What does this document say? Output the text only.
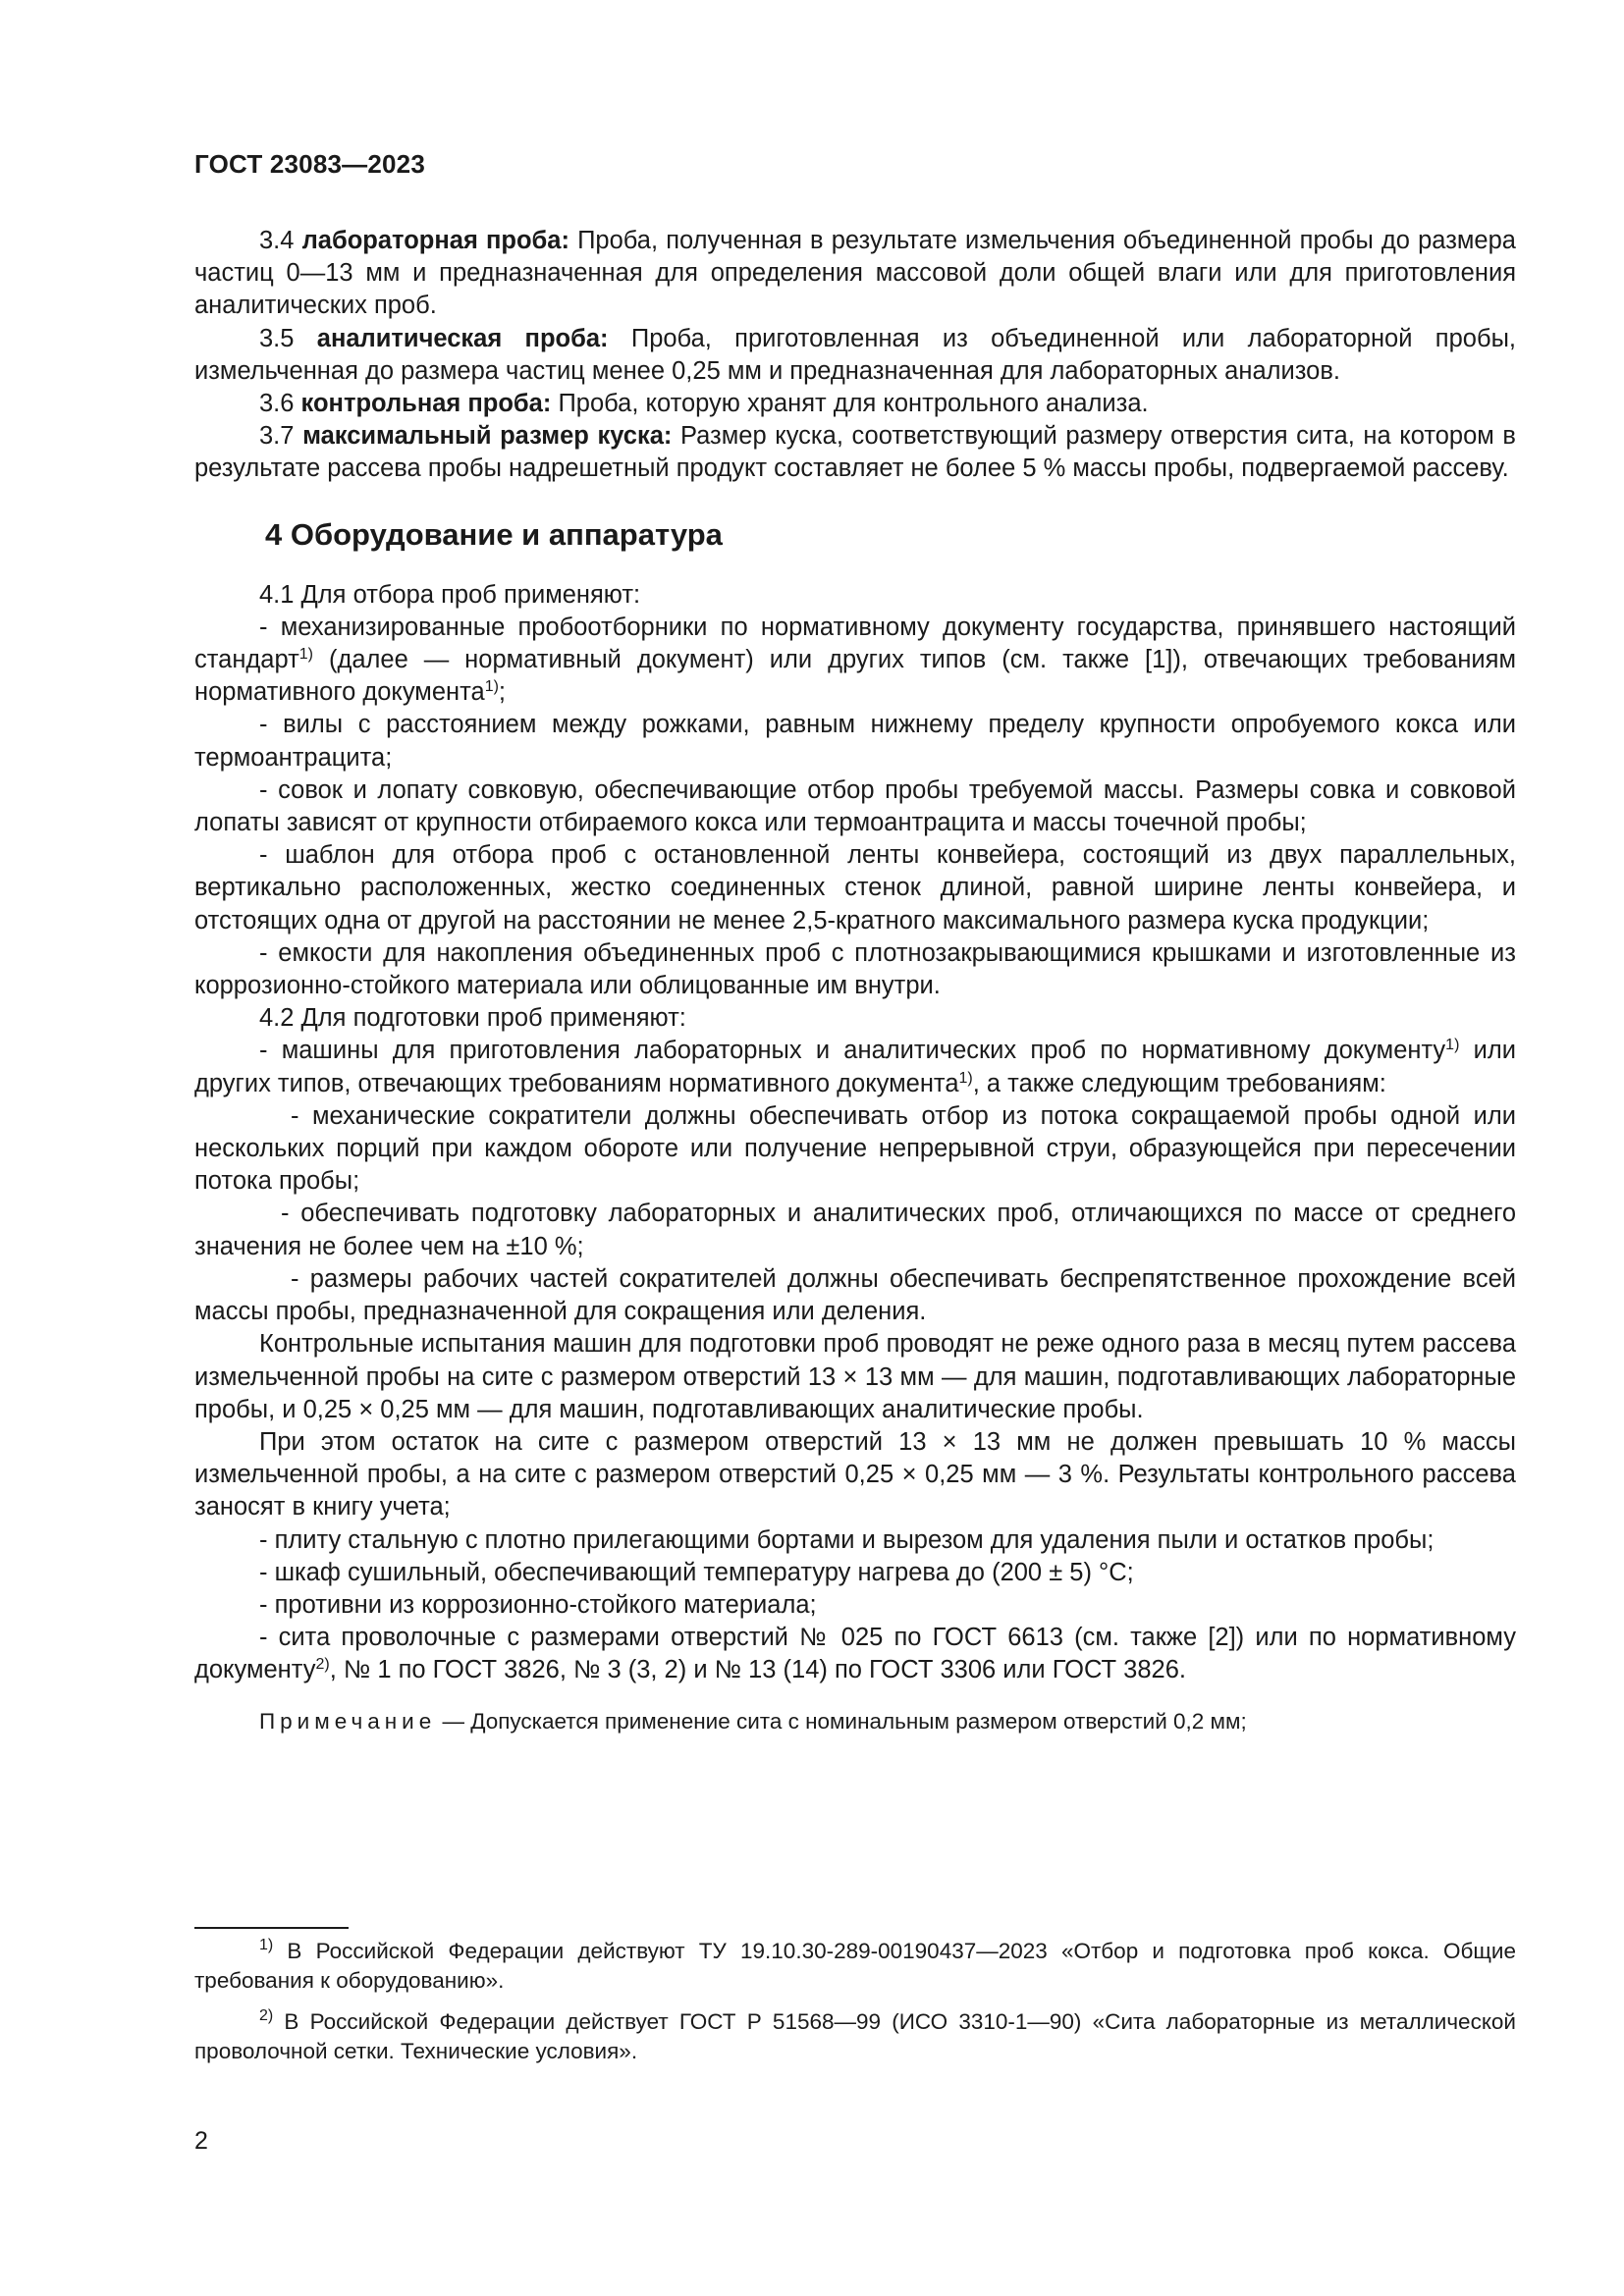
ГОСТ 23083—2023

3.4 лабораторная проба: Проба, полученная в результате измельчения объединенной пробы до размера частиц 0—13 мм и предназначенная для определения массовой доли общей влаги или для приготовления аналитических проб.

3.5 аналитическая проба: Проба, приготовленная из объединенной или лабораторной пробы, измельченная до размера частиц менее 0,25 мм и предназначенная для лабораторных анализов.

3.6 контрольная проба: Проба, которую хранят для контрольного анализа.

3.7 максимальный размер куска: Размер куска, соответствующий размеру отверстия сита, на котором в результате рассева пробы надрешетный продукт составляет не более 5 % массы пробы, подвергаемой рассеву.

4 Оборудование и аппаратура

4.1 Для отбора проб применяют:

- механизированные пробоотборники по нормативному документу государства, принявшего настоящий стандарт$^{1)}$ (далее — нормативный документ) или других типов (см. также [1]), отвечающих требованиям нормативного документа$^{1)}$;

- вилы с расстоянием между рожками, равным нижнему пределу крупности опробуемого кокса или термоантрацита;

- совок и лопату совковую, обеспечивающие отбор пробы требуемой массы. Размеры совка и совковой лопаты зависят от крупности отбираемого кокса или термоантрацита и массы точечной пробы;

- шаблон для отбора проб с остановленной ленты конвейера, состоящий из двух параллельных, вертикально расположенных, жестко соединенных стенок длиной, равной ширине ленты конвейера, и отстоящих одна от другой на расстоянии не менее 2,5-кратного максимального размера куска продукции;

- емкости для накопления объединенных проб с плотнозакрывающимися крышками и изготовленные из коррозионно-стойкого материала или облицованные им внутри.

4.2 Для подготовки проб применяют:

- машины для приготовления лабораторных и аналитических проб по нормативному документу$^{1)}$ или других типов, отвечающих требованиям нормативного документа$^{1)}$, а также следующим требованиям:

- механические сократители должны обеспечивать отбор из потока сокращаемой пробы одной или нескольких порций при каждом обороте или получение непрерывной струи, образующейся при пересечении потока пробы;

- обеспечивать подготовку лабораторных и аналитических проб, отличающихся по массе от среднего значения не более чем на ±10 %;

- размеры рабочих частей сократителей должны обеспечивать беспрепятственное прохождение всей массы пробы, предназначенной для сокращения или деления.

Контрольные испытания машин для подготовки проб проводят не реже одного раза в месяц путем рассева измельченной пробы на сите с размером отверстий 13 × 13 мм — для машин, подготавливающих лабораторные пробы, и 0,25 × 0,25 мм — для машин, подготавливающих аналитические пробы.

При этом остаток на сите с размером отверстий 13 × 13 мм не должен превышать 10 % массы измельченной пробы, а на сите с размером отверстий 0,25 × 0,25 мм — 3 %. Результаты контрольного рассева заносят в книгу учета;

- плиту стальную с плотно прилегающими бортами и вырезом для удаления пыли и остатков пробы;

- шкаф сушильный, обеспечивающий температуру нагрева до (200 ± 5) °С;

- противни из коррозионно-стойкого материала;

- сита проволочные с размерами отверстий № 025 по ГОСТ 6613 (см. также [2]) или по нормативному документу$^{2)}$, № 1 по ГОСТ 3826, № 3 (3, 2) и № 13 (14) по ГОСТ 3306 или ГОСТ 3826.

Примечание — Допускается применение сита с номинальным размером отверстий 0,2 мм;

$^{1)}$ В Российской Федерации действуют ТУ 19.10.30-289-00190437—2023 «Отбор и подготовка проб кокса. Общие требования к оборудованию».

$^{2)}$ В Российской Федерации действует ГОСТ Р 51568—99 (ИСО 3310-1—90) «Сита лабораторные из металлической проволочной сетки. Технические условия».

2
